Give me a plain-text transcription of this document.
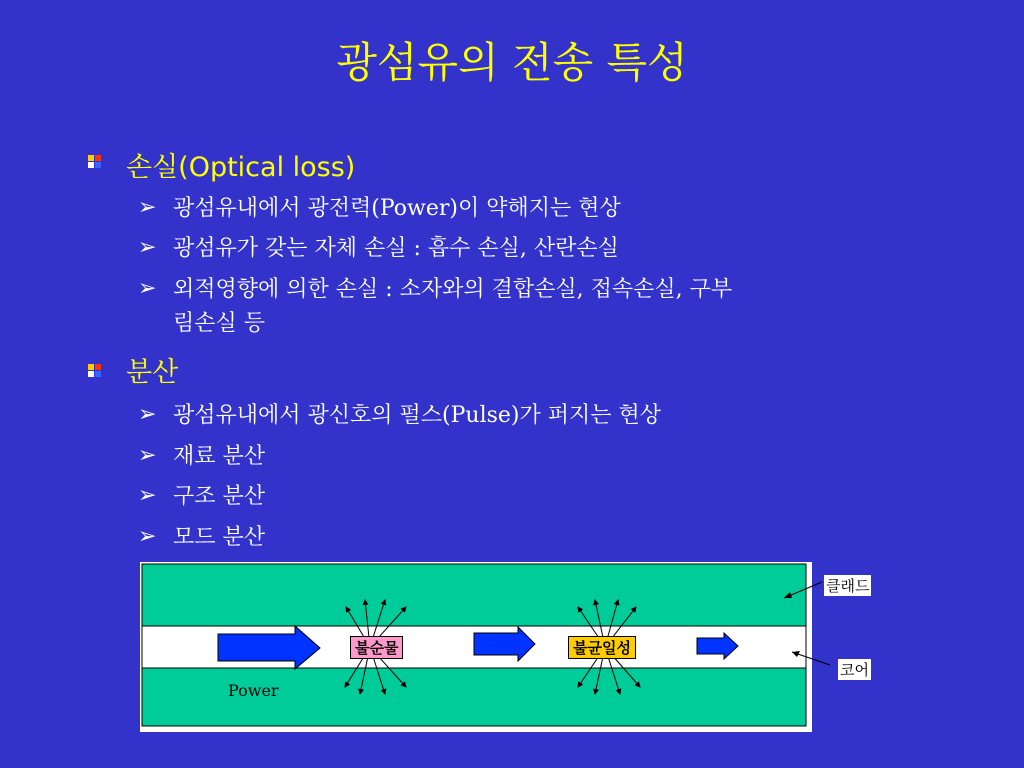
광섬유의 전송 특성
손실(Optical loss)
➢ 광섬유내에서 광전력(Power)이 약해지는 현상
➢ 광섬유가 갖는 자체 손실 : 흡수 손실, 산란손실
➢ 외적영향에 의한 손실 : 소자와의 결합손실, 접속손실, 구부
림손실 등
분산
➢ 광섬유내에서 광신호의 펄스(Pulse)가 퍼지는 현상
➢ 재료 분산
➢ 구조 분산
➢ 모드 분산
불순물	불균일성
Power
클래드
코어
